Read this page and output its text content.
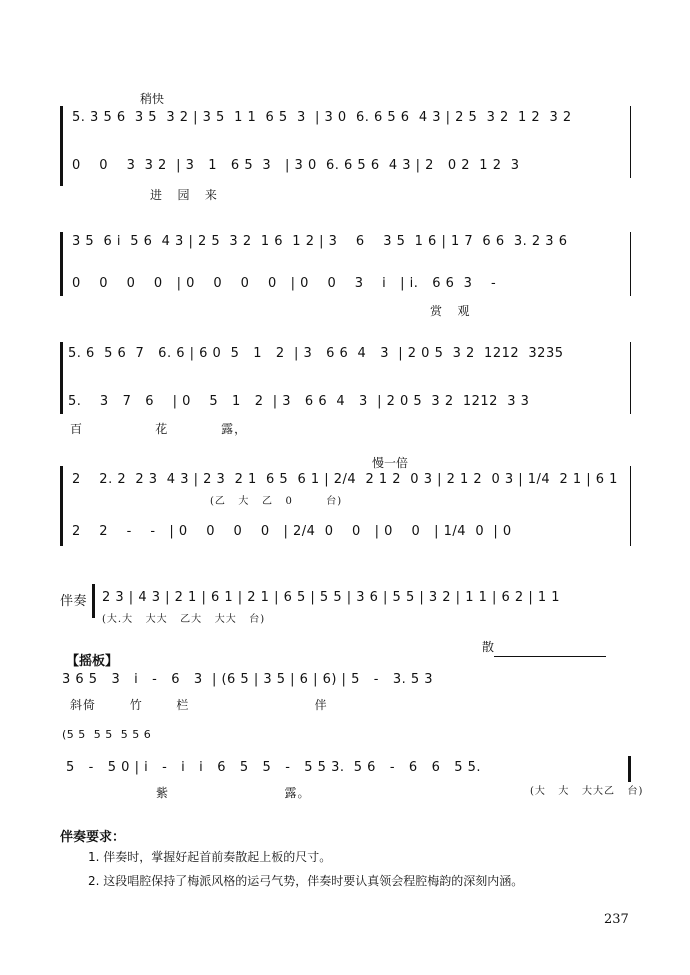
稍快
5. 3 5 6  3 5  3 2 | 3 5  1 1  6 5  3  | 3 0  6. 6 5 6  4 3 | 2 5  3 2  1 2  3 2
0    0    3  3 2  | 3   1   6 5  3   | 3 0  6. 6 5 6  4 3 | 2   0 2  1 2  3
进   园   来
3 5  6 i  5 6  4 3 | 2 5  3 2  1 6  1 2 | 3    6    3 5  1 6 | 1 7  6 6  3. 2 3 6
0    0    0    0   | 0    0    0    0   | 0    0    3    i   | i.   6 6  3    -
赏   观
5. 6  5 6  7   6. 6 | 6 0  5   1   2  | 3   6 6  4   3  | 2 0 5  3 2  1212  3235
5.    3   7   6    | 0    5   1   2  | 3   6 6  4   3  | 2 0 5  3 2  1212  3 3
百               花           露，
慢一倍
2    2. 2  2 3  4 3 | 2 3  2 1  6 5  6 1 | 2/4  2 1 2  0 3 | 2 1 2  0 3 | 1/4  2 1 | 6 1
(乙   大   乙   0        台)
2    2    -    -   | 0    0    0    0   | 2/4  0    0   | 0    0   | 1/4  0  | 0
伴奏 2 3 | 4 3 | 2 1 | 6 1 | 2 1 | 6 5 | 5 5 | 3 6 | 5 5 | 3 2 | 1 1 | 6 2 | 1 1
(大.大   大大   乙大   大大   台)
【摇板】
散
3 6 5   3   i   -   6   3  | (6 5 | 3 5 | 6 | 6) | 5   -   3. 5 3
斜倚       竹       栏                          伴
(5 5  5 5  5 5 6
5   -   5 0 | i   -   i   i   6   5   5   -   5 5 3.  5 6   -   6   6   5 5.
(大   大   大大乙   台)
紫                        露。
伴奏要求：
1. 伴奏时，掌握好起首前奏散起上板的尺寸。
2. 这段唱腔保持了梅派风格的运弓气势，伴奏时要认真领会程腔梅韵的深刻内涵。
237
